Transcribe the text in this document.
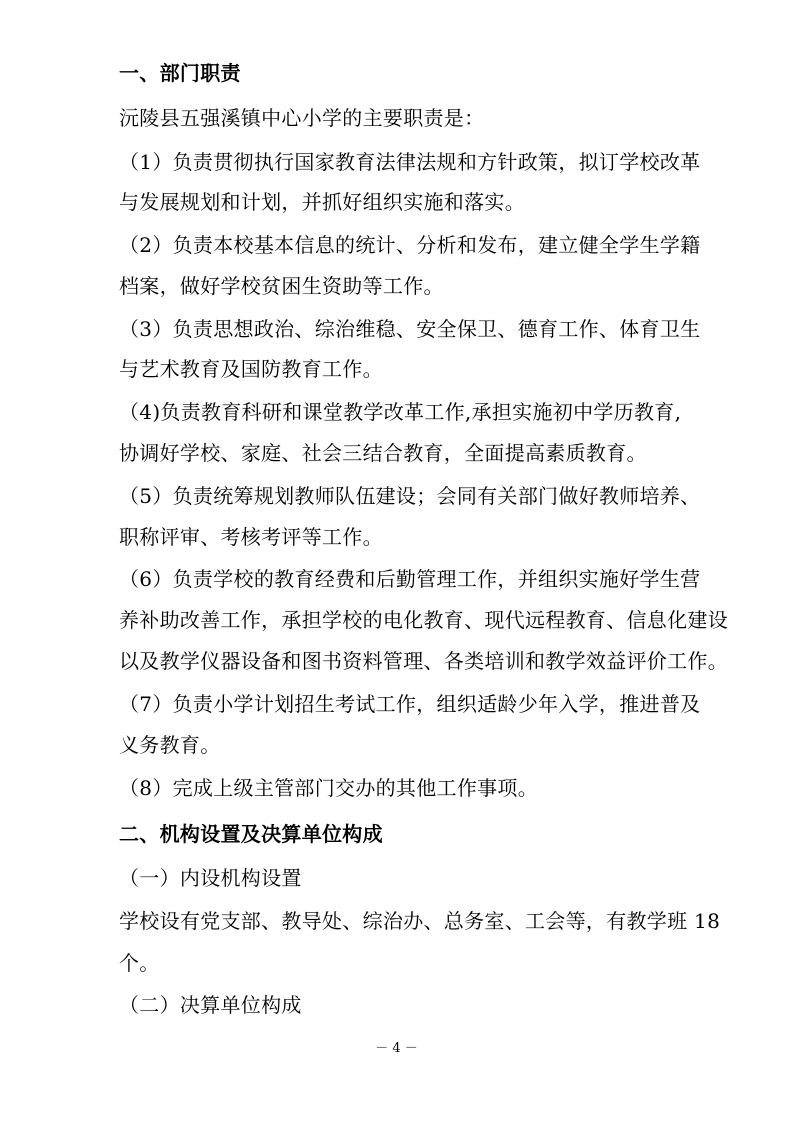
一、部门职责
沅陵县五强溪镇中心小学的主要职责是：
（1）负责贯彻执行国家教育法律法规和方针政策，拟订学校改革
与发展规划和计划，并抓好组织实施和落实。
（2）负责本校基本信息的统计、分析和发布，建立健全学生学籍
档案，做好学校贫困生资助等工作。
（3）负责思想政治、综治维稳、安全保卫、德育工作、体育卫生
与艺术教育及国防教育工作。
（4)负责教育科研和课堂教学改革工作,承担实施初中学历教育,
协调好学校、家庭、社会三结合教育，全面提高素质教育。
（5）负责统筹规划教师队伍建设；会同有关部门做好教师培养、
职称评审、考核考评等工作。
（6）负责学校的教育经费和后勤管理工作，并组织实施好学生营
养补助改善工作，承担学校的电化教育、现代远程教育、信息化建设
以及教学仪器设备和图书资料管理、各类培训和教学效益评价工作。
（7）负责小学计划招生考试工作，组织适龄少年入学，推进普及
义务教育。
（8）完成上级主管部门交办的其他工作事项。
二、机构设置及决算单位构成
（一）内设机构设置
学校设有党支部、教导处、综治办、总务室、工会等，有教学班 18
个。
（二）决算单位构成
－ 4 －
